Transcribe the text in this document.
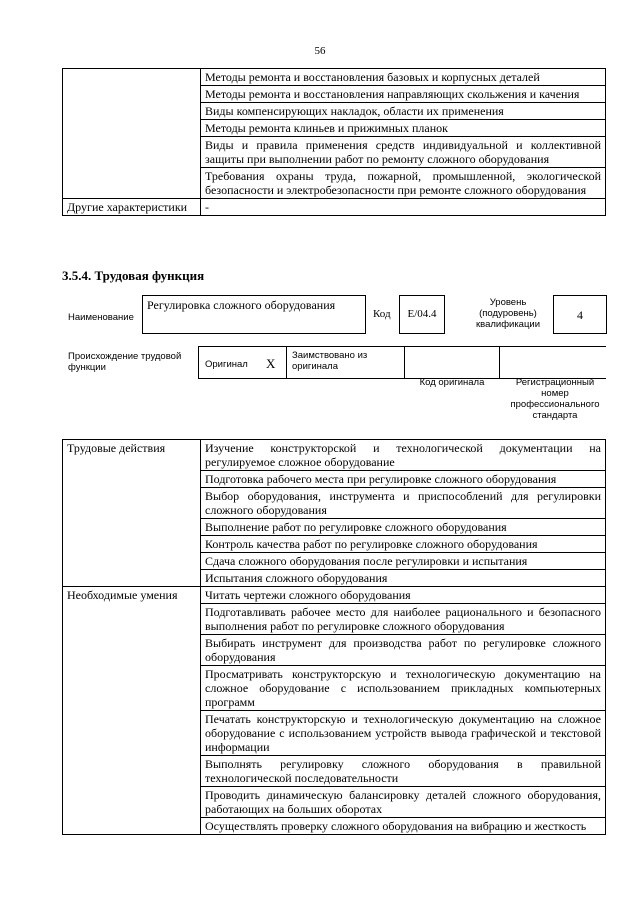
56
	Методы ремонта и восстановления базовых и корпусных деталей
	Методы ремонта и восстановления направляющих скольжения и качения
	Виды компенсирующих накладок, области их применения
	Методы ремонта клиньев и прижимных планок
	Виды и правила применения средств индивидуальной и коллективной защиты при выполнении работ по ремонту сложного оборудования
	Требования охраны труда, пожарной, промышленной, экологической безопасности и электробезопасности при ремонте сложного оборудования
Другие характеристики	-
3.5.4. Трудовая функция
Наименование
Регулировка сложного оборудования
Код	E/04.4
Уровень (подуровень) квалификации
4
Происхождение трудовой функции	Оригинал X
Заимствовано из оригинала
Код оригинала	Регистрационный номер профессионального стандарта
Трудовые действия	Изучение конструкторской и технологической документации на регулируемое сложное оборудование
	Подготовка рабочего места при регулировке сложного оборудования
	Выбор оборудования, инструмента и приспособлений для регулировки сложного оборудования
	Выполнение работ по регулировке сложного оборудования
	Контроль качества работ по регулировке сложного оборудования
	Сдача сложного оборудования после регулировки и испытания
	Испытания сложного оборудования
Необходимые умения	Читать чертежи сложного оборудования
	Подготавливать рабочее место для наиболее рационального и безопасного выполнения работ по регулировке сложного оборудования
	Выбирать инструмент для производства работ по регулировке сложного оборудования
	Просматривать конструкторскую и технологическую документацию на сложное оборудование с использованием прикладных компьютерных программ
	Печатать конструкторскую и технологическую документацию на сложное оборудование с использованием устройств вывода графической и текстовой информации
	Выполнять регулировку сложного оборудования в правильной технологической последовательности
	Проводить динамическую балансировку деталей сложного оборудования, работающих на больших оборотах
	Осуществлять проверку сложного оборудования на вибрацию и жесткость
